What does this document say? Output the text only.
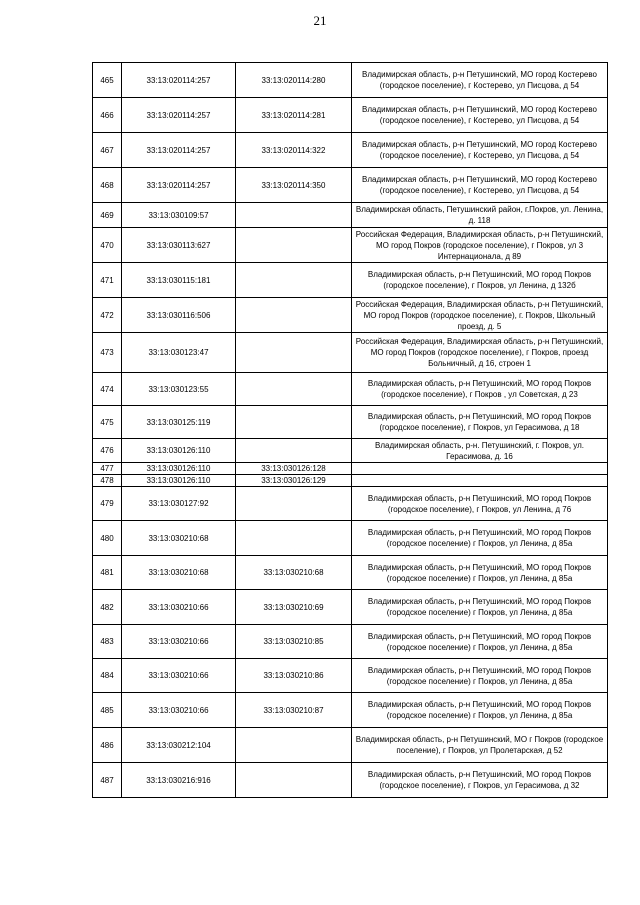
21
465	33:13:020114:257	33:13:020114:280	Владимирская область, р-н Петушинский, МО город Костерево (городское поселение), г Костерево, ул Писцова, д 54
466	33:13:020114:257	33:13:020114:281	Владимирская область, р-н Петушинский, МО город Костерево (городское поселение), г Костерево, ул Писцова, д 54
467	33:13:020114:257	33:13:020114:322	Владимирская область, р-н Петушинский, МО город Костерево (городское поселение), г Костерево, ул Писцова, д 54
468	33:13:020114:257	33:13:020114:350	Владимирская область, р-н Петушинский, МО город Костерево (городское поселение), г Костерево, ул Писцова, д 54
469	33:13:030109:57		Владимирская область, Петушинский район, г.Покров, ул. Ленина, д. 118
470	33:13:030113:627		Российская Федерация, Владимирская область, р-н Петушинский, МО город Покров (городское поселение), г Покров, ул 3 Интернационала, д 89
471	33:13:030115:181		Владимирская область, р-н Петушинский, МО город Покров (городское поселение), г Покров, ул Ленина, д 132б
472	33:13:030116:506		Российская Федерация, Владимирская область, р-н Петушинский, МО город Покров (городское поселение), г. Покров, Школьный проезд, д. 5
473	33:13:030123:47		Российская Федерация, Владимирская область, р-н Петушинский, МО город Покров (городское поселение), г Покров, проезд Больничный, д 16, строен 1
474	33:13:030123:55		Владимирская область, р-н Петушинский, МО город Покров (городское поселение), г Покров , ул Советская, д 23
475	33:13:030125:119		Владимирская область, р-н Петушинский, МО город Покров (городское поселение), г Покров, ул Герасимова, д 18
476	33:13:030126:110		Владимирская область, р-н. Петушинский, г. Покров, ул. Герасимова, д. 16
477	33:13:030126:110	33:13:030126:128	
478	33:13:030126:110	33:13:030126:129	
479	33:13:030127:92		Владимирская область, р-н Петушинский, МО город Покров (городское поселение), г Покров, ул Ленина, д 76
480	33:13:030210:68		Владимирская область, р-н Петушинский, МО город Покров (городское поселение) г Покров, ул Ленина, д 85а
481	33:13:030210:68	33:13:030210:68	Владимирская область, р-н Петушинский, МО город Покров (городское поселение) г Покров, ул Ленина, д 85а
482	33:13:030210:66	33:13:030210:69	Владимирская область, р-н Петушинский, МО город Покров (городское поселение) г Покров, ул Ленина, д 85а
483	33:13:030210:66	33:13:030210:85	Владимирская область, р-н Петушинский, МО город Покров (городское поселение) г Покров, ул Ленина, д 85а
484	33:13:030210:66	33:13:030210:86	Владимирская область, р-н Петушинский, МО город Покров (городское поселение) г Покров, ул Ленина, д 85а
485	33:13:030210:66	33:13:030210:87	Владимирская область, р-н Петушинский, МО город Покров (городское поселение) г Покров, ул Ленина, д 85а
486	33:13:030212:104		Владимирская область, р-н Петушинский, МО г Покров (городское поселение), г Покров, ул Пролетарская, д 52
487	33:13:030216:916		Владимирская область, р-н Петушинский, МО город Покров (городское поселение), г Покров, ул Герасимова, д 32
